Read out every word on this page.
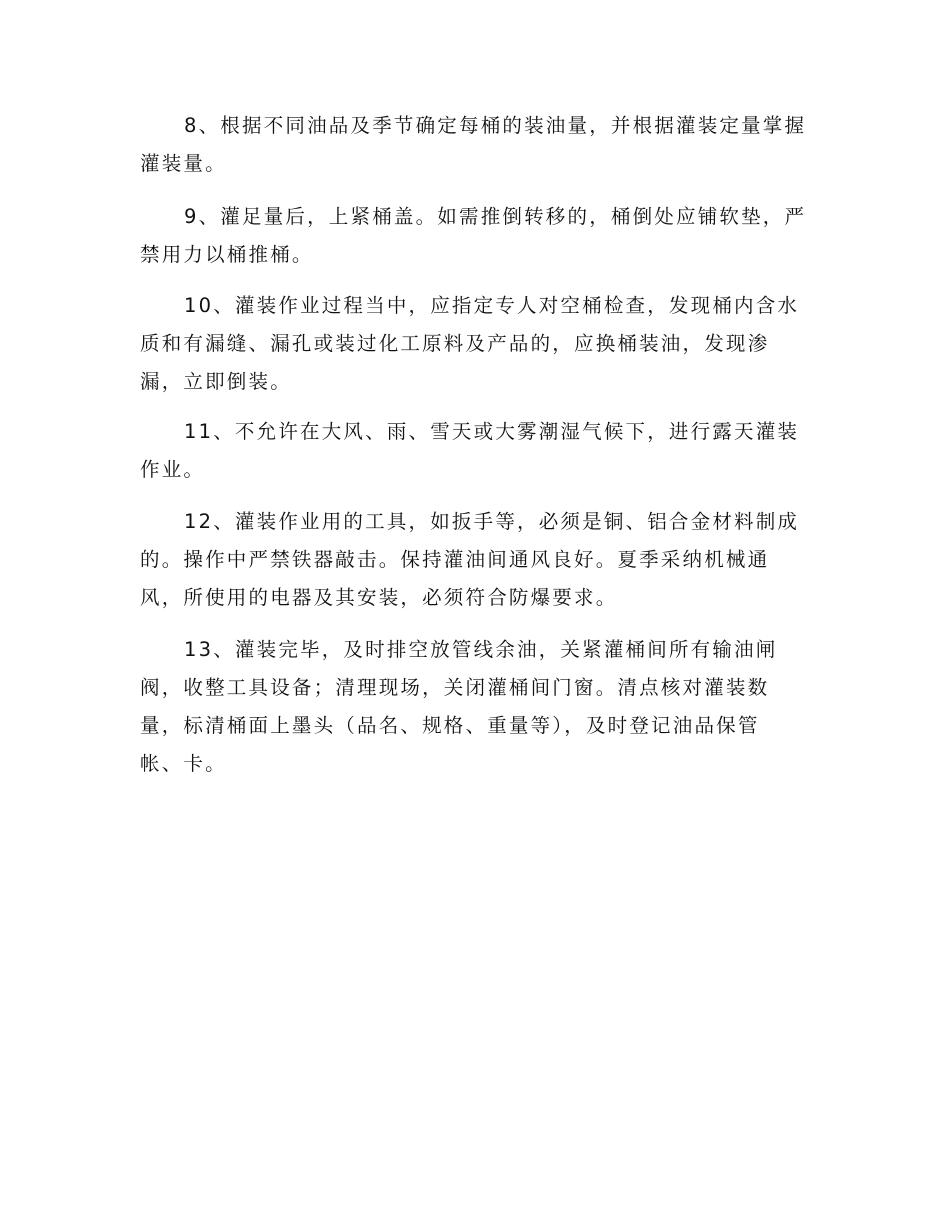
8、根据不同油品及季节确定每桶的装油量，并根据灌装定量掌握
灌装量。

9、灌足量后，上紧桶盖。如需推倒转移的，桶倒处应铺软垫，严
禁用力以桶推桶。

10、灌装作业过程当中，应指定专人对空桶检查，发现桶内含水
质和有漏缝、漏孔或装过化工原料及产品的，应换桶装油，发现渗
漏，立即倒装。

11、不允许在大风、雨、雪天或大雾潮湿气候下，进行露天灌装
作业。

12、灌装作业用的工具，如扳手等，必须是铜、铝合金材料制成
的。操作中严禁铁器敲击。保持灌油间通风良好。夏季采纳机械通
风，所使用的电器及其安装，必须符合防爆要求。

13、灌装完毕，及时排空放管线余油，关紧灌桶间所有输油闸
阀，收整工具设备；清理现场，关闭灌桶间门窗。清点核对灌装数
量，标清桶面上墨头（品名、规格、重量等），及时登记油品保管
帐、卡。
